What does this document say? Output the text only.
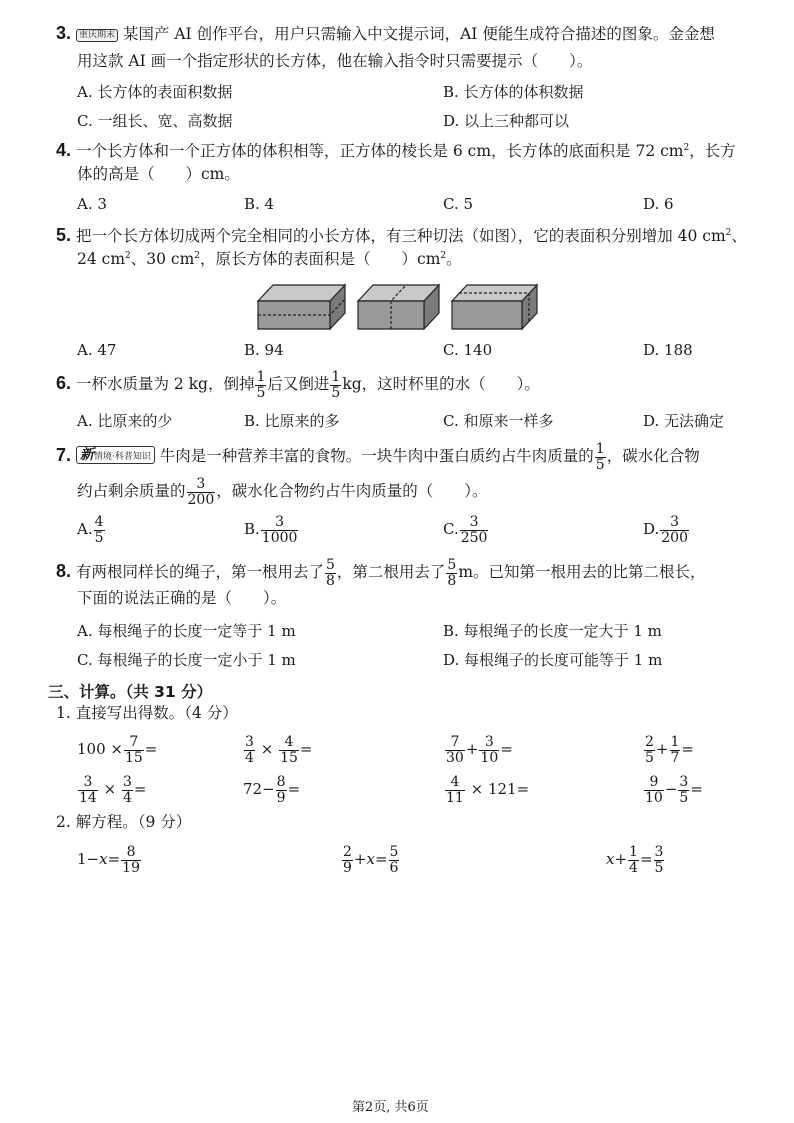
3. 重庆期末 某国产 AI 创作平台，用户只需输入中文提示词，AI 便能生成符合描述的图象。金金想
用这款 AI 画一个指定形状的长方体，他在输入指令时只需要提示（　　）。
A. 长方体的表面积数据	B. 长方体的体积数据
C. 一组长、宽、高数据	D. 以上三种都可以
4. 一个长方体和一个正方体的体积相等，正方体的棱长是 6 cm，长方体的底面积是 72 $cm^2$，长方
体的高是（　　）cm。
A. 3	B. 4	C. 5	D. 6
5. 把一个长方体切成两个完全相同的小长方体，有三种切法（如图），它的表面积分别增加 40 $cm^2$、
24 $cm^2$、30 $cm^2$，原长方体的表面积是（　　）$cm^2$。
A. 47	B. 94	C. 140	D. 188
6. 一杯水质量为 2 kg，倒掉 $\frac{1}{5}$ 后又倒进 $\frac{1}{5}$ kg，这时杯里的水（　　）。
A. 比原来的少	B. 比原来的多	C. 和原来一样多	D. 无法确定
7. 新情境·科普知识 牛肉是一种营养丰富的食物。一块牛肉中蛋白质约占牛肉质量的 $\frac{1}{5}$ ，碳水化合物
约占剩余质量的 $\frac{3}{200}$ ，碳水化合物约占牛肉质量的（　　）。
A. $\frac{4}{5}$	B. $\frac{3}{1000}$	C. $\frac{3}{250}$	D. $\frac{3}{200}$
8. 有两根同样长的绳子，第一根用去了 $\frac{5}{8}$ ，第二根用去了 $\frac{5}{8}$ m。已知第一根用去的比第二根长，
下面的说法正确的是（　　）。
A. 每根绳子的长度一定等于 1 m	B. 每根绳子的长度一定大于 1 m
C. 每根绳子的长度一定小于 1 m	D. 每根绳子的长度可能等于 1 m
三、计算。（共 31 分）
1. 直接写出得数。（4 分）
$100 \times \frac{7}{15}$ =	$\frac{3}{4} \times \frac{4}{15}$ =	$\frac{7}{30} + \frac{3}{10}$ =	$\frac{2}{5} + \frac{1}{7}$ =
$\frac{3}{14} \times \frac{3}{4}$ =	$72- \frac{8}{9}$ =	$\frac{4}{11} \times 121=$	$\frac{9}{10} - \frac{3}{5}$ =
2. 解方程。（9 分）
$1-x= \frac{8}{19}$	$\frac{2}{9} +x= \frac{5}{6}$	$x+ \frac{1}{4} = \frac{3}{5}$
第2页, 共6页
